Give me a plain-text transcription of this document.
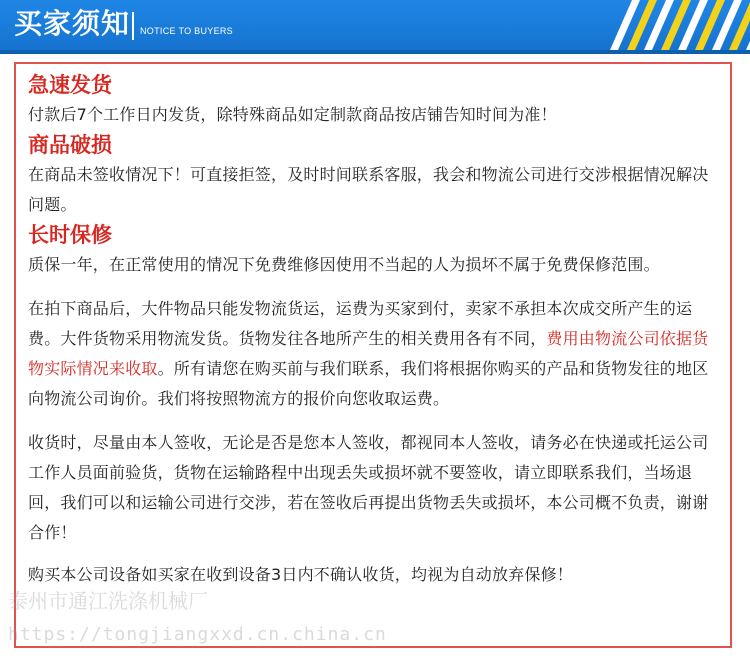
买家须知 NOTICE TO BUYERS

急速发货

付款后7个工作日内发货，除特殊商品如定制款商品按店铺告知时间为准！

商品破损

在商品未签收情况下！可直接拒签，及时时间联系客服，我会和物流公司进行交涉根据情况解决问题。

长时保修

质保一年，在正常使用的情况下免费维修因使用不当起的人为损坏不属于免费保修范围。

在拍下商品后，大件物品只能发物流货运，运费为买家到付，卖家不承担本次成交所产生的运费。大件货物采用物流发货。货物发往各地所产生的相关费用各有不同，费用由物流公司依据货物实际情况来收取。所有请您在购买前与我们联系，我们将根据你购买的产品和货物发往的地区向物流公司询价。我们将按照物流方的报价向您收取运费。

收货时，尽量由本人签收，无论是否是您本人签收，都视同本人签收，请务必在快递或托运公司工作人员面前验货，货物在运输路程中出现丢失或损坏就不要签收，请立即联系我们，当场退回，我们可以和运输公司进行交涉，若在签收后再提出货物丢失或损坏，本公司概不负责，谢谢合作！

购买本公司设备如买家在收到设备3日内不确认收货，均视为自动放弃保修！

泰州市通江洗涤机械厂
https://tongjiangxxd.cn.china.cn
